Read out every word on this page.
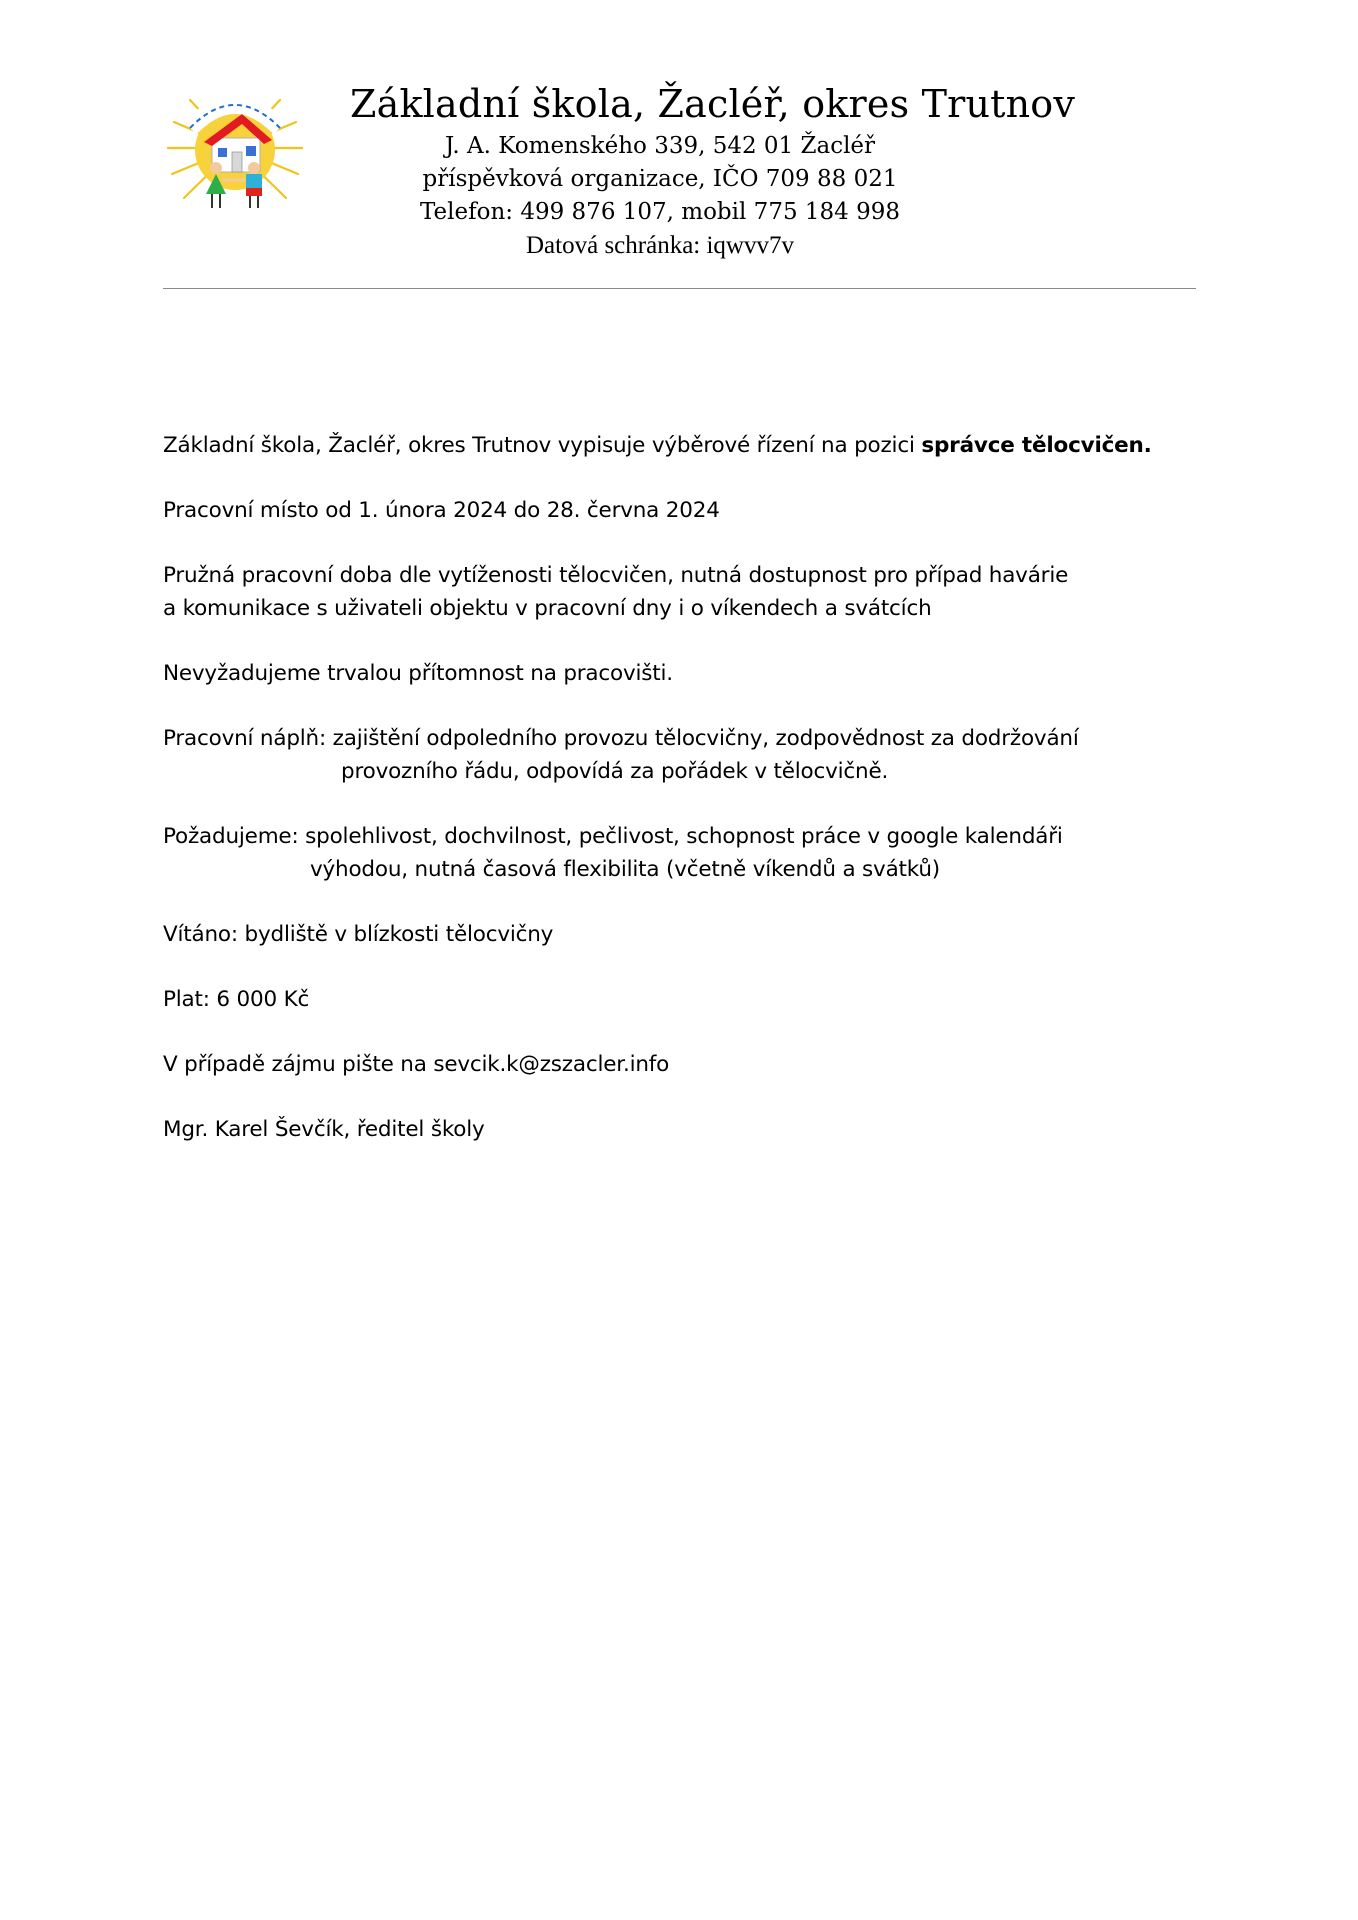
Základní škola, Žacléř, okres Trutnov
J. A. Komenského 339, 542 01 Žacléř
příspěvková organizace, IČO 709 88 021
Telefon: 499 876 107, mobil 775 184 998
Datová schránka: iqwvv7v

Základní škola, Žacléř, okres Trutnov vypisuje výběrové řízení na pozici správce tělocvičen.

Pracovní místo od 1. února 2024 do 28. června 2024

Pružná pracovní doba dle vytíženosti tělocvičen, nutná dostupnost pro případ havárie
a komunikace s uživateli objektu v pracovní dny i o víkendech a svátcích

Nevyžadujeme trvalou přítomnost na pracovišti.

Pracovní náplň: zajištění odpoledního provozu tělocvičny, zodpovědnost za dodržování
provozního řádu, odpovídá za pořádek v tělocvičně.

Požadujeme: spolehlivost, dochvilnost, pečlivost, schopnost práce v google kalendáři
výhodou, nutná časová flexibilita (včetně víkendů a svátků)

Vítáno: bydliště v blízkosti tělocvičny

Plat: 6 000 Kč

V případě zájmu pište na sevcik.k@zszacler.info

Mgr. Karel Ševčík, ředitel školy
